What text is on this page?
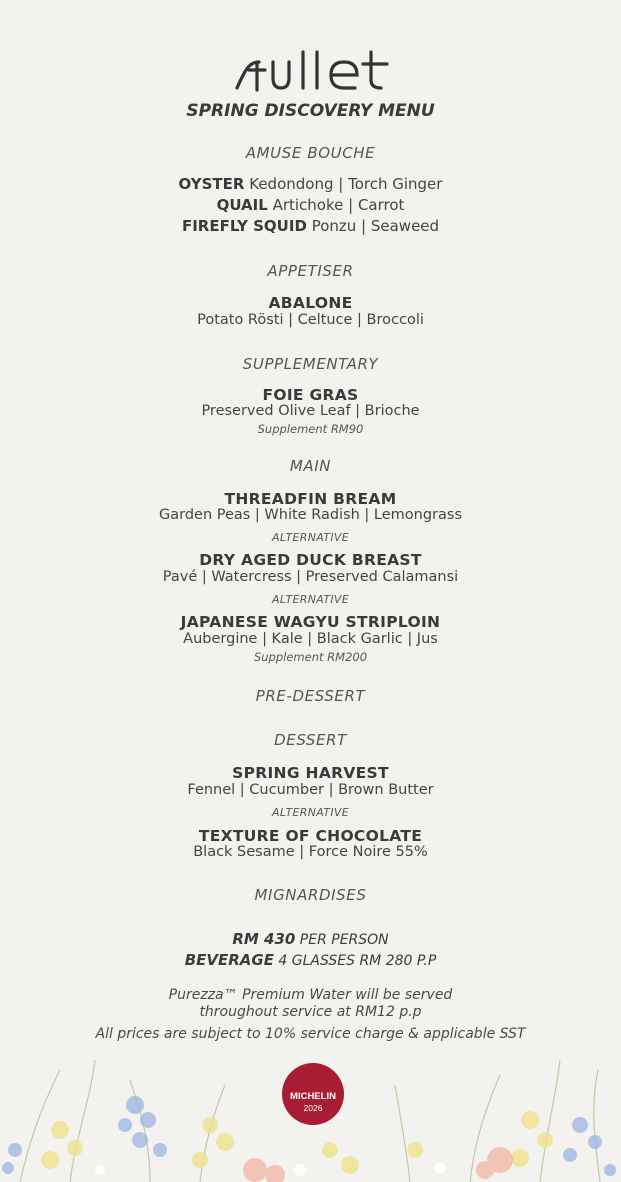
SPRING DISCOVERY MENU
AMUSE BOUCHE
OYSTER Kedondong | Torch Ginger
QUAIL Artichoke | Carrot
FIREFLY SQUID Ponzu | Seaweed
APPETISER
ABALONE
Potato Rösti | Celtuce | Broccoli
SUPPLEMENTARY
FOIE GRAS
Preserved Olive Leaf | Brioche
Supplement RM90
MAIN
THREADFIN BREAM
Garden Peas | White Radish | Lemongrass
ALTERNATIVE
DRY AGED DUCK BREAST
Pavé | Watercress | Preserved Calamansi
ALTERNATIVE
JAPANESE WAGYU STRIPLOIN
Aubergine | Kale | Black Garlic | Jus
Supplement RM200
PRE-DESSERT
DESSERT
SPRING HARVEST
Fennel | Cucumber | Brown Butter
ALTERNATIVE
TEXTURE OF CHOCOLATE
Black Sesame | Force Noire 55%
MIGNARDISES
RM 430 PER PERSON
BEVERAGE 4 GLASSES RM 280 P.P
Purezza™ Premium Water will be served
throughout service at RM12 p.p
All prices are subject to 10% service charge & applicable SST
MICHELIN
2026
